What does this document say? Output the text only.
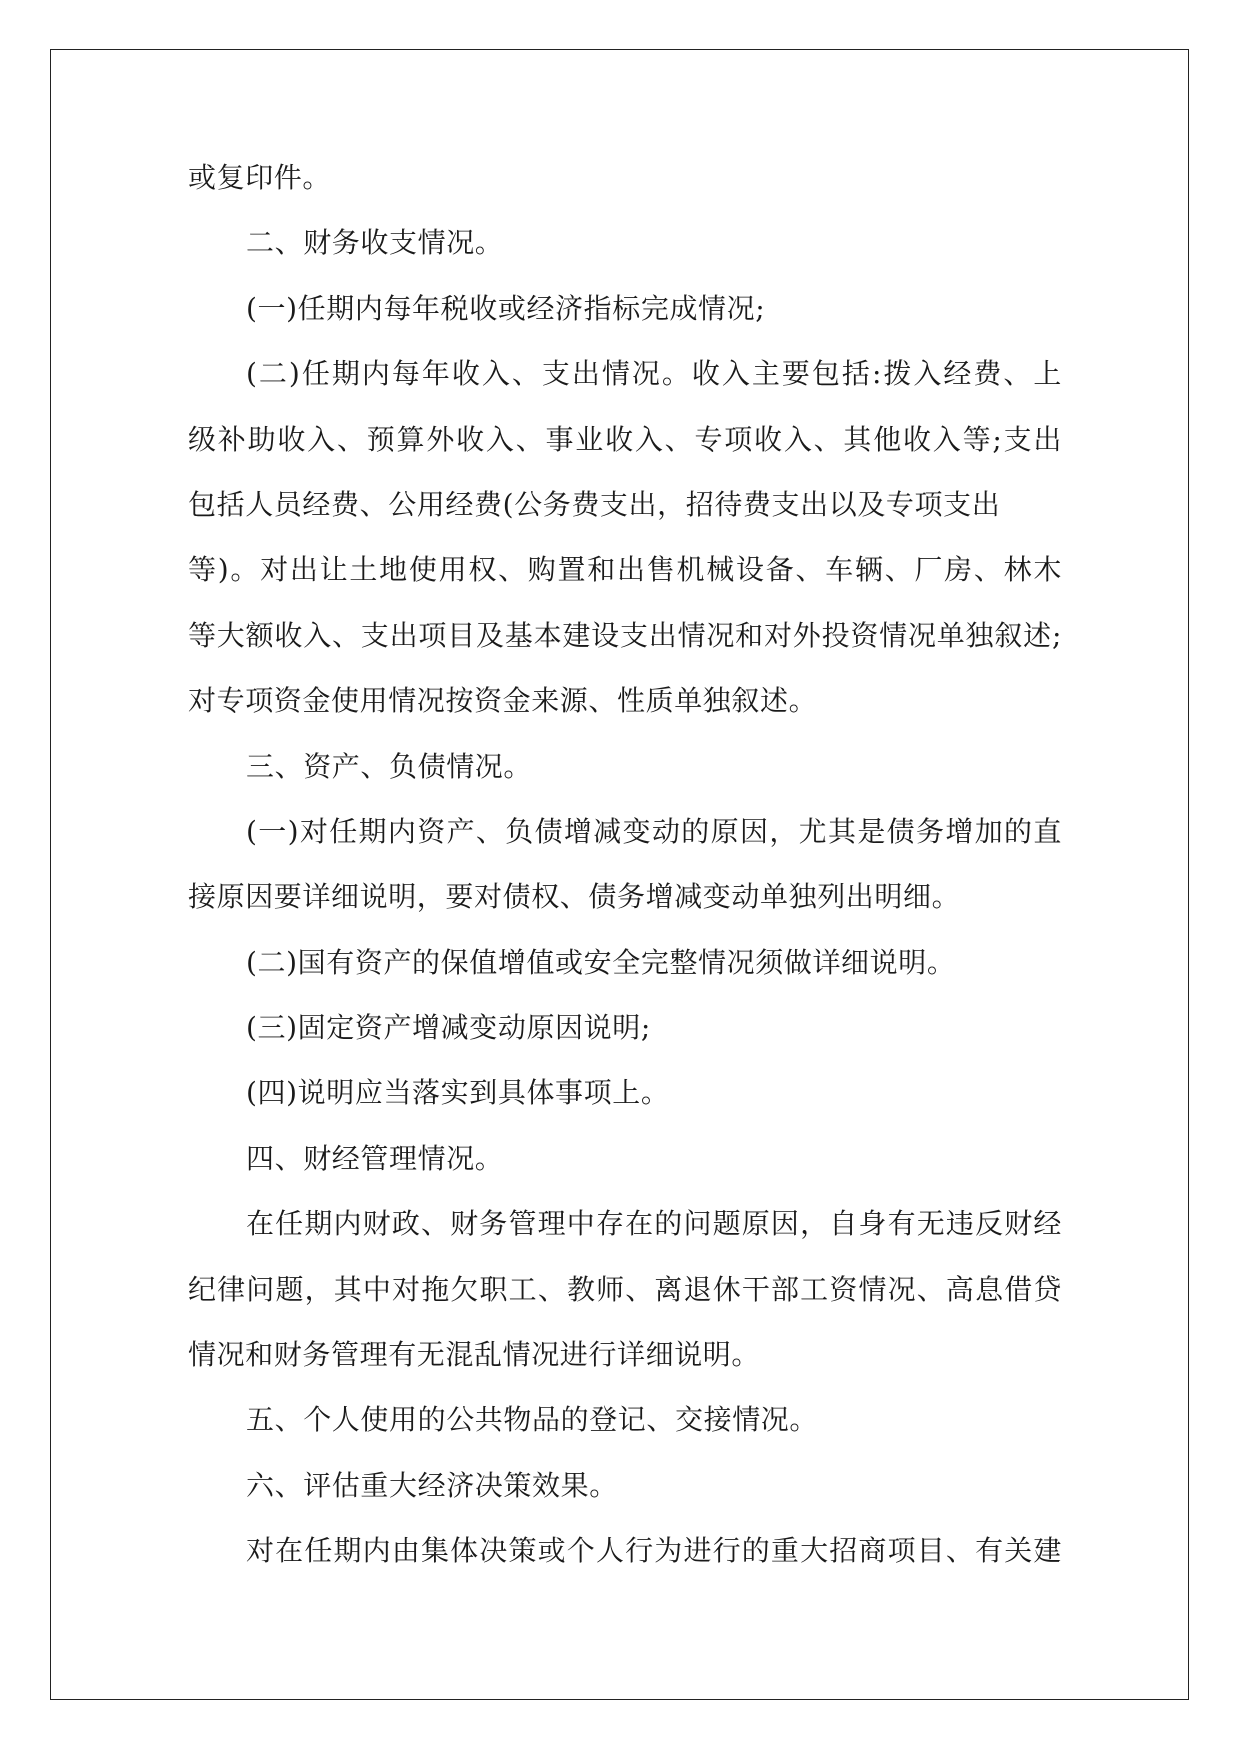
或复印件。
二、财务收支情况。
(一)任期内每年税收或经济指标完成情况;
(二)任期内每年收入、支出情况。收入主要包括:拨入经费、上
级补助收入、预算外收入、事业收入、专项收入、其他收入等;支出
包括人员经费、公用经费(公务费支出，招待费支出以及专项支出
等)。对出让土地使用权、购置和出售机械设备、车辆、厂房、林木
等大额收入、支出项目及基本建设支出情况和对外投资情况单独叙述;
对专项资金使用情况按资金来源、性质单独叙述。
三、资产、负债情况。
(一)对任期内资产、负债增减变动的原因，尤其是债务增加的直
接原因要详细说明，要对债权、债务增减变动单独列出明细。
(二)国有资产的保值增值或安全完整情况须做详细说明。
(三)固定资产增减变动原因说明;
(四)说明应当落实到具体事项上。
四、财经管理情况。
在任期内财政、财务管理中存在的问题原因，自身有无违反财经
纪律问题，其中对拖欠职工、教师、离退休干部工资情况、高息借贷
情况和财务管理有无混乱情况进行详细说明。
五、个人使用的公共物品的登记、交接情况。
六、评估重大经济决策效果。
对在任期内由集体决策或个人行为进行的重大招商项目、有关建
